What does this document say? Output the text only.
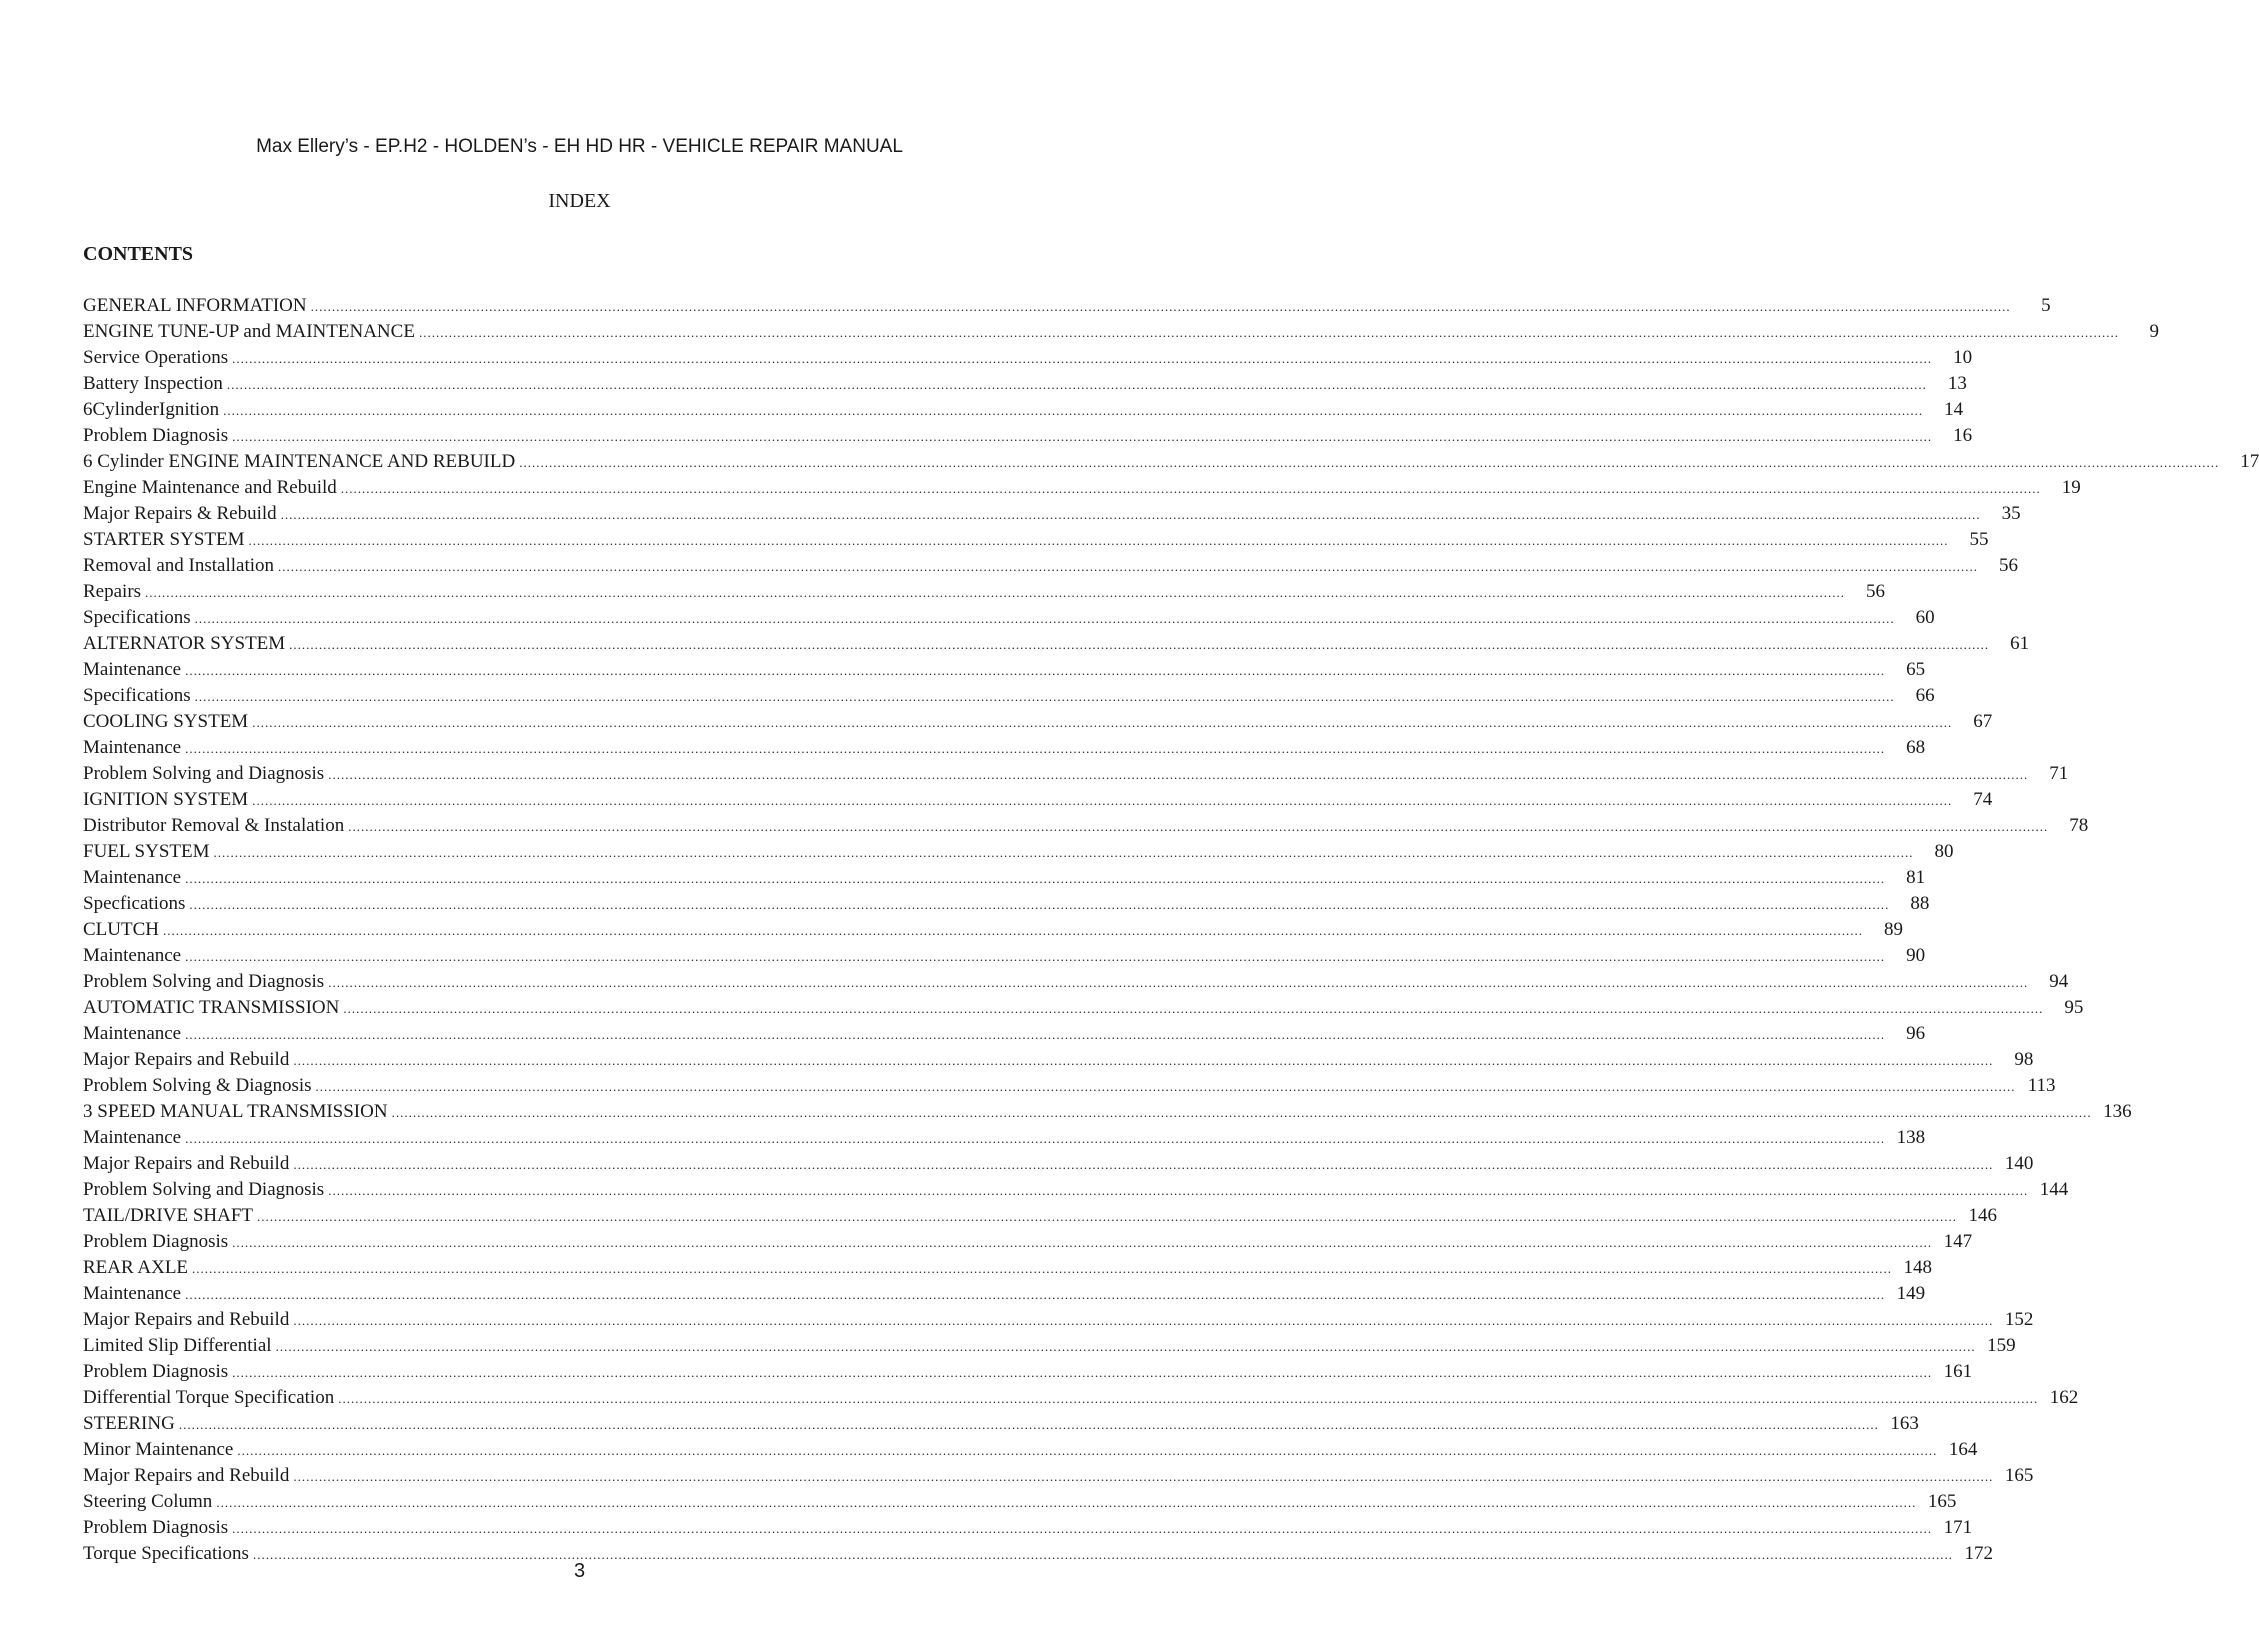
Max Ellery’s - EP.H2 - HOLDEN’s - EH HD HR - VEHICLE REPAIR MANUAL
INDEX
CONTENTS
GENERAL INFORMATION ................................................................................................................................................................................................................................................................................................................................................................................................................	5
ENGINE TUNE-UP and MAINTENANCE ................................................................................................................................................................................................................................................................................................................................................................................................................	9
Service Operations ................................................................................................................................................................................................................................................................................................................................................................................................................	10
Battery Inspection ................................................................................................................................................................................................................................................................................................................................................................................................................	13
6CylinderIgnition ................................................................................................................................................................................................................................................................................................................................................................................................................	14
Problem Diagnosis ................................................................................................................................................................................................................................................................................................................................................................................................................	16
6 Cylinder ENGINE MAINTENANCE AND REBUILD ................................................................................................................................................................................................................................................................................................................................................................................................................	17
Engine Maintenance and Rebuild ................................................................................................................................................................................................................................................................................................................................................................................................................	19
Major Repairs & Rebuild ................................................................................................................................................................................................................................................................................................................................................................................................................	35
STARTER SYSTEM ................................................................................................................................................................................................................................................................................................................................................................................................................	55
Removal and Installation ................................................................................................................................................................................................................................................................................................................................................................................................................	56
Repairs ................................................................................................................................................................................................................................................................................................................................................................................................................	56
Specifications ................................................................................................................................................................................................................................................................................................................................................................................................................	60
ALTERNATOR SYSTEM ................................................................................................................................................................................................................................................................................................................................................................................................................	61
Maintenance ................................................................................................................................................................................................................................................................................................................................................................................................................	65
Specifications ................................................................................................................................................................................................................................................................................................................................................................................................................	66
COOLING SYSTEM ................................................................................................................................................................................................................................................................................................................................................................................................................	67
Maintenance ................................................................................................................................................................................................................................................................................................................................................................................................................	68
Problem Solving and Diagnosis ................................................................................................................................................................................................................................................................................................................................................................................................................	71
IGNITION SYSTEM ................................................................................................................................................................................................................................................................................................................................................................................................................	74
Distributor Removal & Instalation ................................................................................................................................................................................................................................................................................................................................................................................................................	78
FUEL SYSTEM ................................................................................................................................................................................................................................................................................................................................................................................................................	80
Maintenance ................................................................................................................................................................................................................................................................................................................................................................................................................	81
Specfications ................................................................................................................................................................................................................................................................................................................................................................................................................	88
CLUTCH ................................................................................................................................................................................................................................................................................................................................................................................................................	89
Maintenance ................................................................................................................................................................................................................................................................................................................................................................................................................	90
Problem Solving and Diagnosis ................................................................................................................................................................................................................................................................................................................................................................................................................	94
AUTOMATIC TRANSMISSION ................................................................................................................................................................................................................................................................................................................................................................................................................	95
Maintenance ................................................................................................................................................................................................................................................................................................................................................................................................................	96
Major Repairs and Rebuild ................................................................................................................................................................................................................................................................................................................................................................................................................	98
Problem Solving & Diagnosis ................................................................................................................................................................................................................................................................................................................................................................................................................ 113
3 SPEED MANUAL TRANSMISSION ................................................................................................................................................................................................................................................................................................................................................................................................................ 136
Maintenance ................................................................................................................................................................................................................................................................................................................................................................................................................ 138
Major Repairs and Rebuild ................................................................................................................................................................................................................................................................................................................................................................................................................ 140
Problem Solving and Diagnosis ................................................................................................................................................................................................................................................................................................................................................................................................................ 144
TAIL/DRIVE SHAFT ................................................................................................................................................................................................................................................................................................................................................................................................................ 146
Problem Diagnosis ................................................................................................................................................................................................................................................................................................................................................................................................................ 147
REAR AXLE ................................................................................................................................................................................................................................................................................................................................................................................................................ 148
Maintenance ................................................................................................................................................................................................................................................................................................................................................................................................................ 149
Major Repairs and Rebuild ................................................................................................................................................................................................................................................................................................................................................................................................................ 152
Limited Slip Differential ................................................................................................................................................................................................................................................................................................................................................................................................................ 159
Problem Diagnosis ................................................................................................................................................................................................................................................................................................................................................................................................................ 161
Differential Torque Specification ................................................................................................................................................................................................................................................................................................................................................................................................................ 162
STEERING ................................................................................................................................................................................................................................................................................................................................................................................................................ 163
Minor Maintenance ................................................................................................................................................................................................................................................................................................................................................................................................................ 164
Major Repairs and Rebuild ................................................................................................................................................................................................................................................................................................................................................................................................................ 165
Steering Column ................................................................................................................................................................................................................................................................................................................................................................................................................ 165
Problem Diagnosis ................................................................................................................................................................................................................................................................................................................................................................................................................ 171
Torque Specifications ................................................................................................................................................................................................................................................................................................................................................................................................................ 172
3
